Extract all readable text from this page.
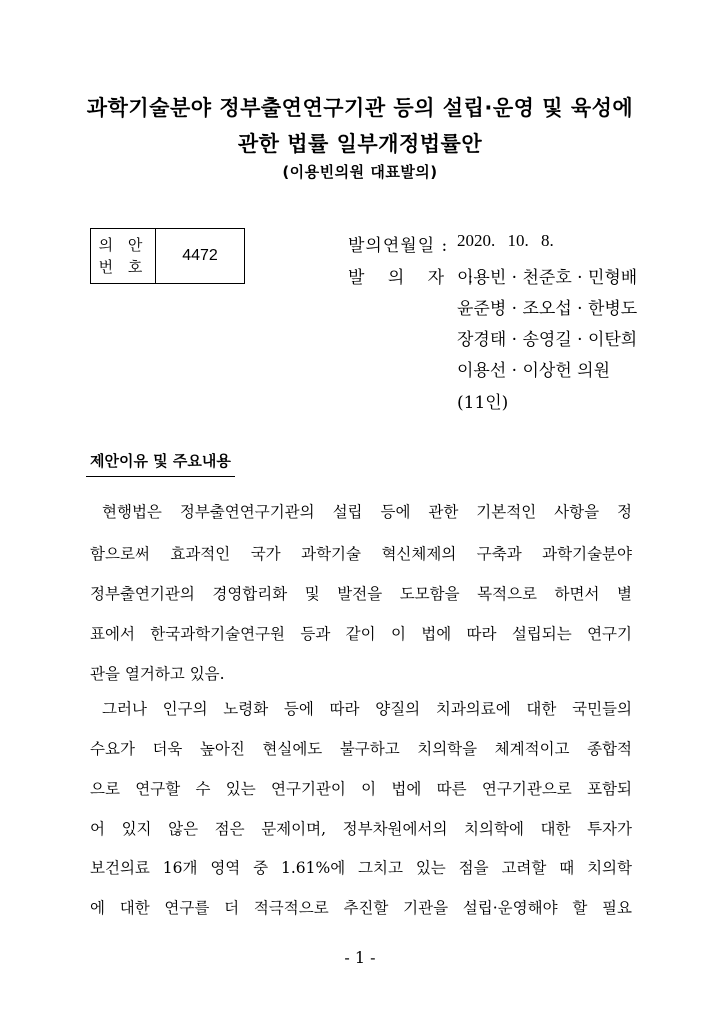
과학기술분야 정부출연연구기관 등의 설립·운영 및 육성에
관한 법률 일부개정법률안
(이용빈의원 대표발의)
의 안
번 호
	4472	발의연월일 : 2020. 10. 8.
발 의 자 :
이용빈 · 천준호 · 민형배
윤준병 · 조오섭 · 한병도
장경태 · 송영길 · 이탄희
이용선 · 이상헌 의원
(11인)
제안이유 및 주요내용
현행법은 정부출연연구기관의 설립 등에 관한 기본적인 사항을 정
함으로써 효과적인 국가 과학기술 혁신체제의 구축과 과학기술분야
정부출연기관의 경영합리화 및 발전을 도모함을 목적으로 하면서 별
표에서 한국과학기술연구원 등과 같이 이 법에 따라 설립되는 연구기
관을 열거하고 있음.
그러나 인구의 노령화 등에 따라 양질의 치과의료에 대한 국민들의
수요가 더욱 높아진 현실에도 불구하고 치의학을 체계적이고 종합적
으로 연구할 수 있는 연구기관이 이 법에 따른 연구기관으로 포함되
어 있지 않은 점은 문제이며, 정부차원에서의 치의학에 대한 투자가
보건의료 16개 영역 중 1.61%에 그치고 있는 점을 고려할 때 치의학
에 대한 연구를 더 적극적으로 추진할 기관을 설립·운영해야 할 필요
- 1 -
